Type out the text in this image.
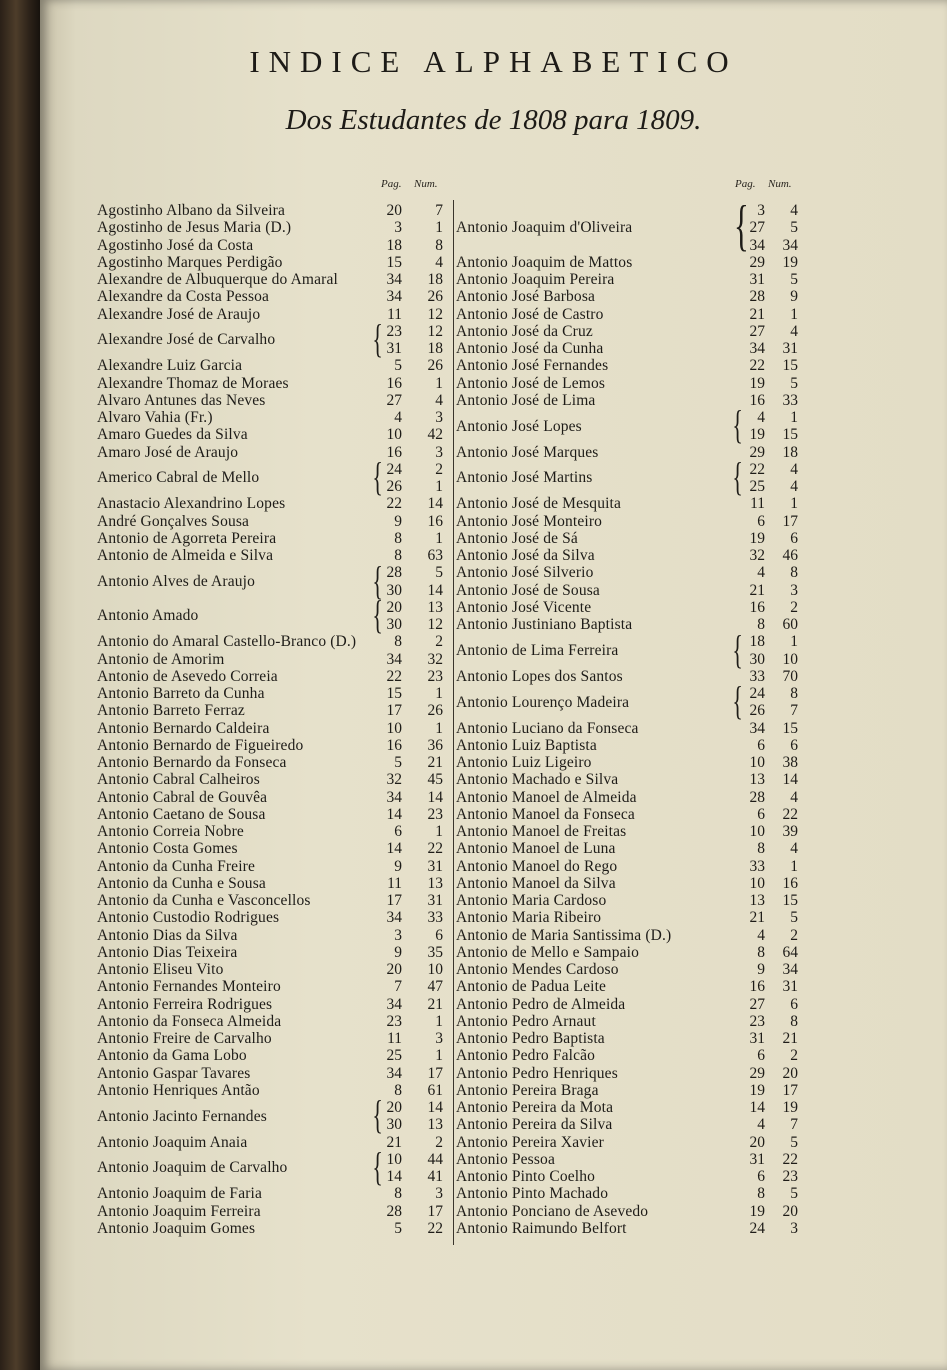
INDICE ALPHABETICO
Dos Estudantes de 1808 para 1809.
Pag. Num.	Pag. Num.
Agostinho Albano da Silveira	20	7
Agostinho de Jesus Maria (D.)	3	1
Agostinho José da Costa	18	8
Agostinho Marques Perdigão	15	4
Alexandre de Albuquerque do Amaral	34	18
Alexandre da Costa Pessoa	34	26
Alexandre José de Araujo	11	12
Alexandre José de Carvalho { 23	12
31	18
Alexandre Luiz Garcia	5	26
Alexandre Thomaz de Moraes	16	1
Alvaro Antunes das Neves	27	4
Alvaro Vahia (Fr.)	4	3
Amaro Guedes da Silva	10	42
Amaro José de Araujo	16	3
Americo Cabral de Mello	{ 24	2
26	1
Anastacio Alexandrino Lopes	22	14
André Gonçalves Sousa	9	16
Antonio de Agorreta Pereira	8	1
Antonio de Almeida e Silva	8	63
Antonio Alves de Araujo	{ 28	5
30	14
Antonio Amado	{ 20	13
30	12
Antonio do Amaral Castello-Branco (D.)	8	2
Antonio de Amorim	34	32
Antonio de Asevedo Correia	22	23
Antonio Barreto da Cunha	15	1
Antonio Barreto Ferraz	17	26
Antonio Bernardo Caldeira	10	1
Antonio Bernardo de Figueiredo	16	36
Antonio Bernardo da Fonseca	5	21
Antonio Cabral Calheiros	32	45
Antonio Cabral de Gouvêa	34	14
Antonio Caetano de Sousa	14	23
Antonio Correia Nobre	6	1
Antonio Costa Gomes	14	22
Antonio da Cunha Freire	9	31
Antonio da Cunha e Sousa	11	13
Antonio da Cunha e Vasconcellos	17	31
Antonio Custodio Rodrigues	34	33
Antonio Dias da Silva	3	6
Antonio Dias Teixeira	9	35
Antonio Eliseu Vito	20	10
Antonio Fernandes Monteiro	7	47
Antonio Ferreira Rodrigues	34	21
Antonio da Fonseca Almeida	23	1
Antonio Freire de Carvalho	11	3
Antonio da Gama Lobo	25	1
Antonio Gaspar Tavares	34	17
Antonio Henriques Antão	8	61
Antonio Jacinto Fernandes	{ 20	14
30	13
Antonio Joaquim Anaia	21	2
Antonio Joaquim de Carvalho { 10	44
14	41
Antonio Joaquim de Faria	8	3
Antonio Joaquim Ferreira	28	17
Antonio Joaquim Gomes	5	22
Antonio Joaquim d'Oliveira { 3	4
27	5
34	34
Antonio Joaquim de Mattos	29	19
Antonio Joaquim Pereira	31	5
Antonio José Barbosa	28	9
Antonio José de Castro	21	1
Antonio José da Cruz	27	4
Antonio José da Cunha	34	31
Antonio José Fernandes	22	15
Antonio José de Lemos	19	5
Antonio José de Lima	16	33
Antonio José Lopes	{ 4	1
19	15
Antonio José Marques	29	18
Antonio José Martins	{ 22	4
25	4
Antonio José de Mesquita	11	1
Antonio José Monteiro	6	17
Antonio José de Sá	19	6
Antonio José da Silva	32	46
Antonio José Silverio	4	8
Antonio José de Sousa	21	3
Antonio José Vicente	16	2
Antonio Justiniano Baptista	8	60
Antonio de Lima Ferreira	{ 18	1
30	10
Antonio Lopes dos Santos	33	70
Antonio Lourenço Madeira	{ 24	8
26	7
Antonio Luciano da Fonseca	34	15
Antonio Luiz Baptista	6	6
Antonio Luiz Ligeiro	10	38
Antonio Machado e Silva	13	14
Antonio Manoel de Almeida	28	4
Antonio Manoel da Fonseca	6	22
Antonio Manoel de Freitas	10	39
Antonio Manoel de Luna	8	4
Antonio Manoel do Rego	33	1
Antonio Manoel da Silva	10	16
Antonio Maria Cardoso	13	15
Antonio Maria Ribeiro	21	5
Antonio de Maria Santissima (D.)	4	2
Antonio de Mello e Sampaio	8	64
Antonio Mendes Cardoso	9	34
Antonio de Padua Leite	16	31
Antonio Pedro de Almeida	27	6
Antonio Pedro Arnaut	23	8
Antonio Pedro Baptista	31	21
Antonio Pedro Falcão	6	2
Antonio Pedro Henriques	29	20
Antonio Pereira Braga	19	17
Antonio Pereira da Mota	14	19
Antonio Pereira da Silva	4	7
Antonio Pereira Xavier	20	5
Antonio Pessoa	31	22
Antonio Pinto Coelho	6	23
Antonio Pinto Machado	8	5
Antonio Ponciano de Asevedo	19	20
Antonio Raimundo Belfort	24	3
